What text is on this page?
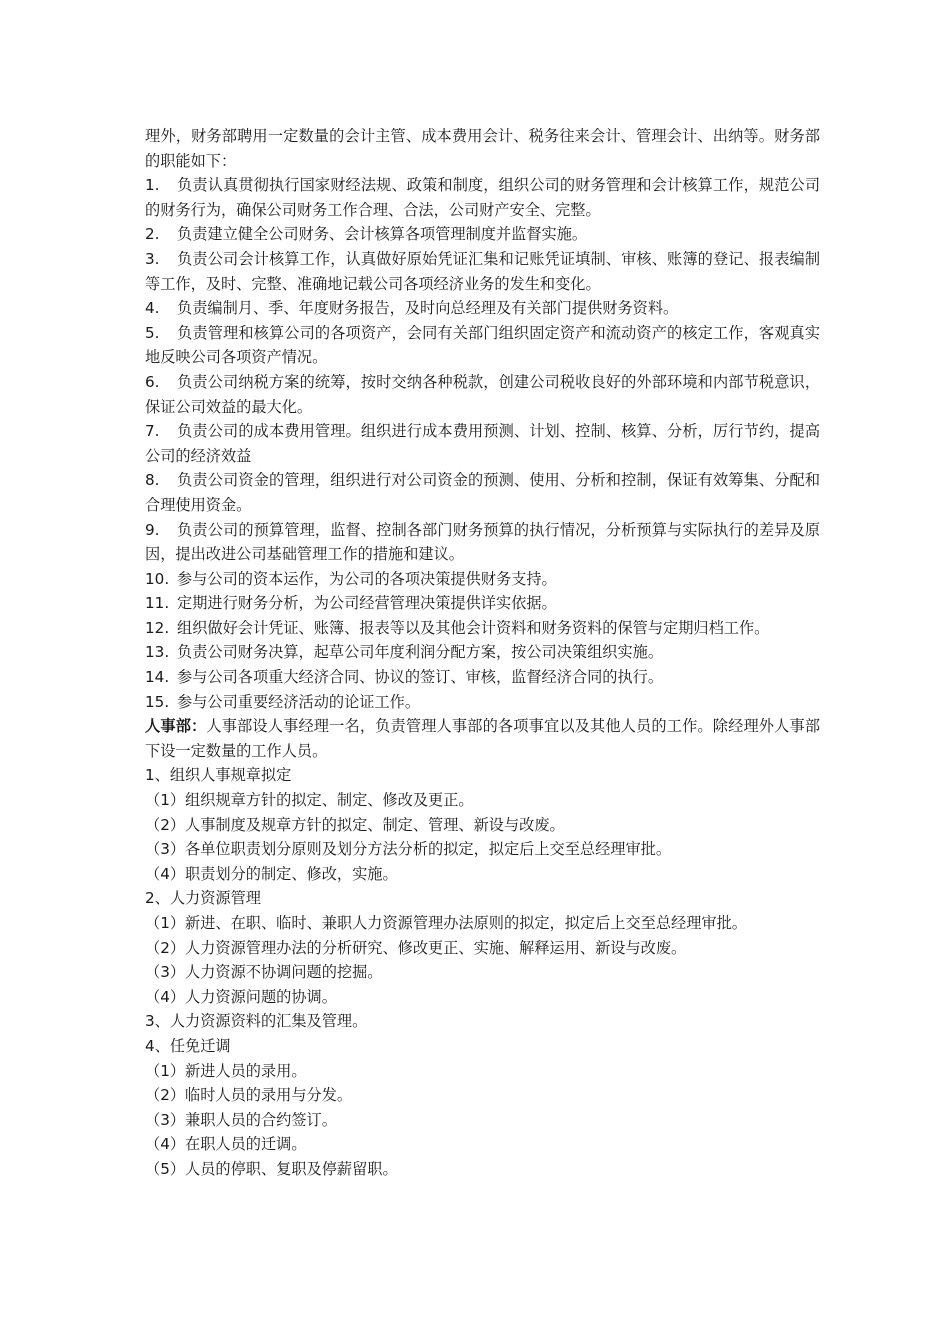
理外，财务部聘用一定数量的会计主管、成本费用会计、税务往来会计、管理会计、出纳等。财务部的职能如下：

1. 负责认真贯彻执行国家财经法规、政策和制度，组织公司的财务管理和会计核算工作，规范公司的财务行为，确保公司财务工作合理、合法，公司财产安全、完整。

2. 负责建立健全公司财务、会计核算各项管理制度并监督实施。

3. 负责公司会计核算工作，认真做好原始凭证汇集和记账凭证填制、审核、账簿的登记、报表编制等工作，及时、完整、准确地记载公司各项经济业务的发生和变化。

4. 负责编制月、季、年度财务报告，及时向总经理及有关部门提供财务资料。

5. 负责管理和核算公司的各项资产，会同有关部门组织固定资产和流动资产的核定工作，客观真实地反映公司各项资产情况。

6. 负责公司纳税方案的统筹，按时交纳各种税款，创建公司税收良好的外部环境和内部节税意识，保证公司效益的最大化。

7. 负责公司的成本费用管理。组织进行成本费用预测、计划、控制、核算、分析，厉行节约，提高公司的经济效益

8. 负责公司资金的管理，组织进行对公司资金的预测、使用、分析和控制，保证有效筹集、分配和合理使用资金。

9. 负责公司的预算管理，监督、控制各部门财务预算的执行情况，分析预算与实际执行的差异及原因，提出改进公司基础管理工作的措施和建议。

10. 参与公司的资本运作，为公司的各项决策提供财务支持。

11. 定期进行财务分析，为公司经营管理决策提供详实依据。

12. 组织做好会计凭证、账簿、报表等以及其他会计资料和财务资料的保管与定期归档工作。

13. 负责公司财务决算，起草公司年度利润分配方案，按公司决策组织实施。

14. 参与公司各项重大经济合同、协议的签订、审核，监督经济合同的执行。

15. 参与公司重要经济活动的论证工作。

人事部：人事部设人事经理一名，负责管理人事部的各项事宜以及其他人员的工作。除经理外人事部下设一定数量的工作人员。

1、组织人事规章拟定

（1）组织规章方针的拟定、制定、修改及更正。

（2）人事制度及规章方针的拟定、制定、管理、新设与改废。

（3）各单位职责划分原则及划分方法分析的拟定，拟定后上交至总经理审批。

（4）职责划分的制定、修改，实施。

2、人力资源管理

（1）新进、在职、临时、兼职人力资源管理办法原则的拟定，拟定后上交至总经理审批。

（2）人力资源管理办法的分析研究、修改更正、实施、解释运用、新设与改废。

（3）人力资源不协调问题的挖掘。

（4）人力资源问题的协调。

3、人力资源资料的汇集及管理。

4、任免迁调

（1）新进人员的录用。

（2）临时人员的录用与分发。

（3）兼职人员的合约签订。

（4）在职人员的迁调。

（5）人员的停职、复职及停薪留职。
